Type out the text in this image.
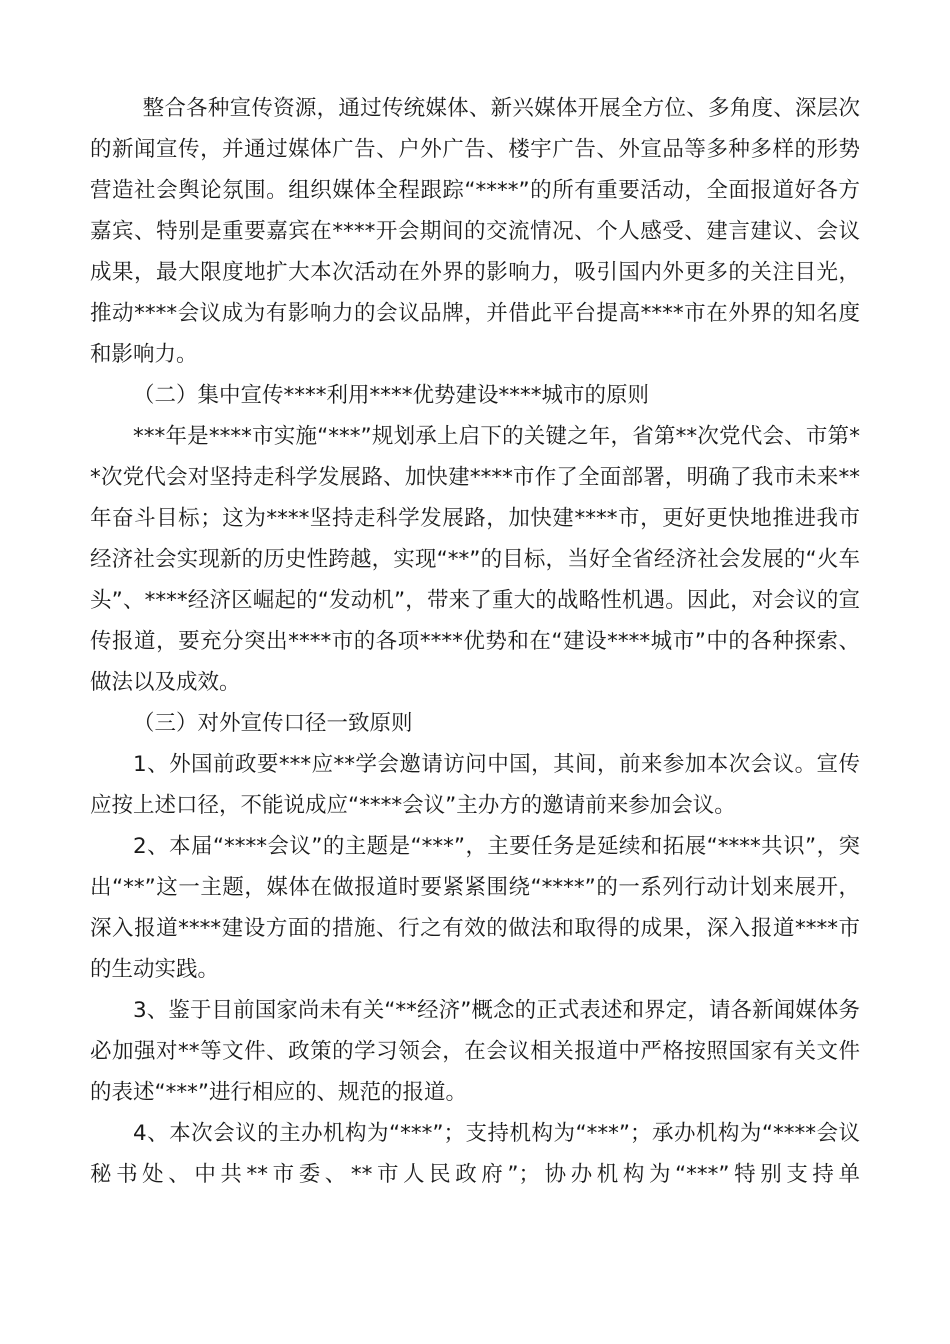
整合各种宣传资源，通过传统媒体、新兴媒体开展全方位、多角度、深层次的新闻宣传，并通过媒体广告、户外广告、楼宇广告、外宣品等多种多样的形势营造社会舆论氛围。组织媒体全程跟踪“****”的所有重要活动，全面报道好各方嘉宾、特别是重要嘉宾在****开会期间的交流情况、个人感受、建言建议、会议成果，最大限度地扩大本次活动在外界的影响力，吸引国内外更多的关注目光，推动****会议成为有影响力的会议品牌，并借此平台提高****市在外界的知名度和影响力。

（二）集中宣传****利用****优势建设****城市的原则

***年是****市实施“***”规划承上启下的关键之年，省第**次党代会、市第**次党代会对坚持走科学发展路、加快建****市作了全面部署，明确了我市未来**年奋斗目标；这为****坚持走科学发展路，加快建****市，更好更快地推进我市经济社会实现新的历史性跨越，实现“**”的目标，当好全省经济社会发展的“火车头”、****经济区崛起的“发动机”，带来了重大的战略性机遇。因此，对会议的宣传报道，要充分突出****市的各项****优势和在“建设****城市”中的各种探索、做法以及成效。

（三）对外宣传口径一致原则

1、外国前政要***应**学会邀请访问中国，其间，前来参加本次会议。宣传应按上述口径，不能说成应“****会议”主办方的邀请前来参加会议。

2、本届“****会议”的主题是“***”，主要任务是延续和拓展“****共识”，突出“**”这一主题，媒体在做报道时要紧紧围绕“****”的一系列行动计划来展开，深入报道****建设方面的措施、行之有效的做法和取得的成果，深入报道****市的生动实践。

3、鉴于目前国家尚未有关“**经济”概念的正式表述和界定，请各新闻媒体务必加强对**等文件、政策的学习领会，在会议相关报道中严格按照国家有关文件的表述“***”进行相应的、规范的报道。

4、本次会议的主办机构为“***”；支持机构为“***”；承办机构为“****会议秘书处、中共**市委、**市人民政府”；协办机构为“***”特别支持单
